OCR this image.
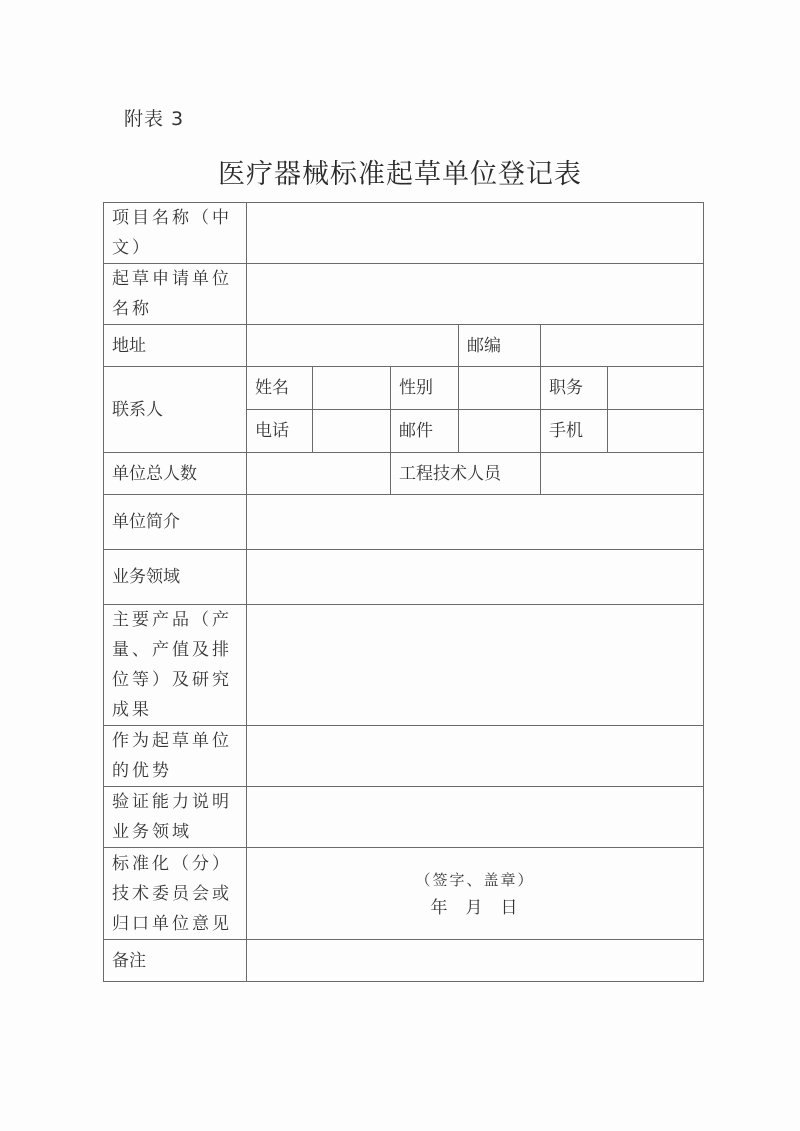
附表 3
医疗器械标准起草单位登记表
项目名称（中文）						
起草申请单位名称						
地址				邮编		
联系人	姓名		性别		职务	
	电话		邮件		手机	
单位总人数			工程技术人员			
单位简介						
业务领域						
主要产品（产量、产值及排位等）及研究成果						
作为起草单位的优势						
验证能力说明业务领域						
标准化（分）技术委员会或归口单位意见	（签字、盖章）
年 月 日					

备注						
